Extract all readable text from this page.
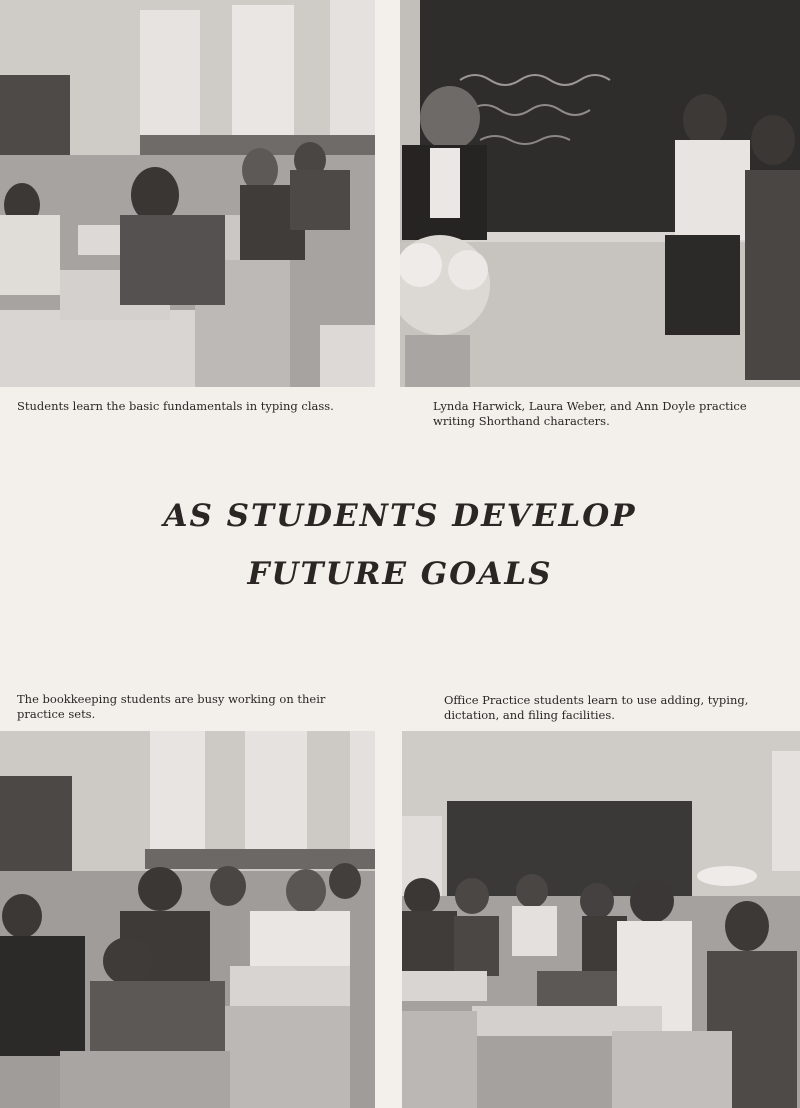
Students learn the basic fundamentals in typing class.	Lynda Harwick, Laura Weber, and Ann Doyle practice writing Shorthand characters.
AS STUDENTS DEVELOP
FUTURE GOALS
The bookkeeping students are busy working on their practice sets.
Office Practice students learn to use adding, typing, dictation, and filing facilities.
